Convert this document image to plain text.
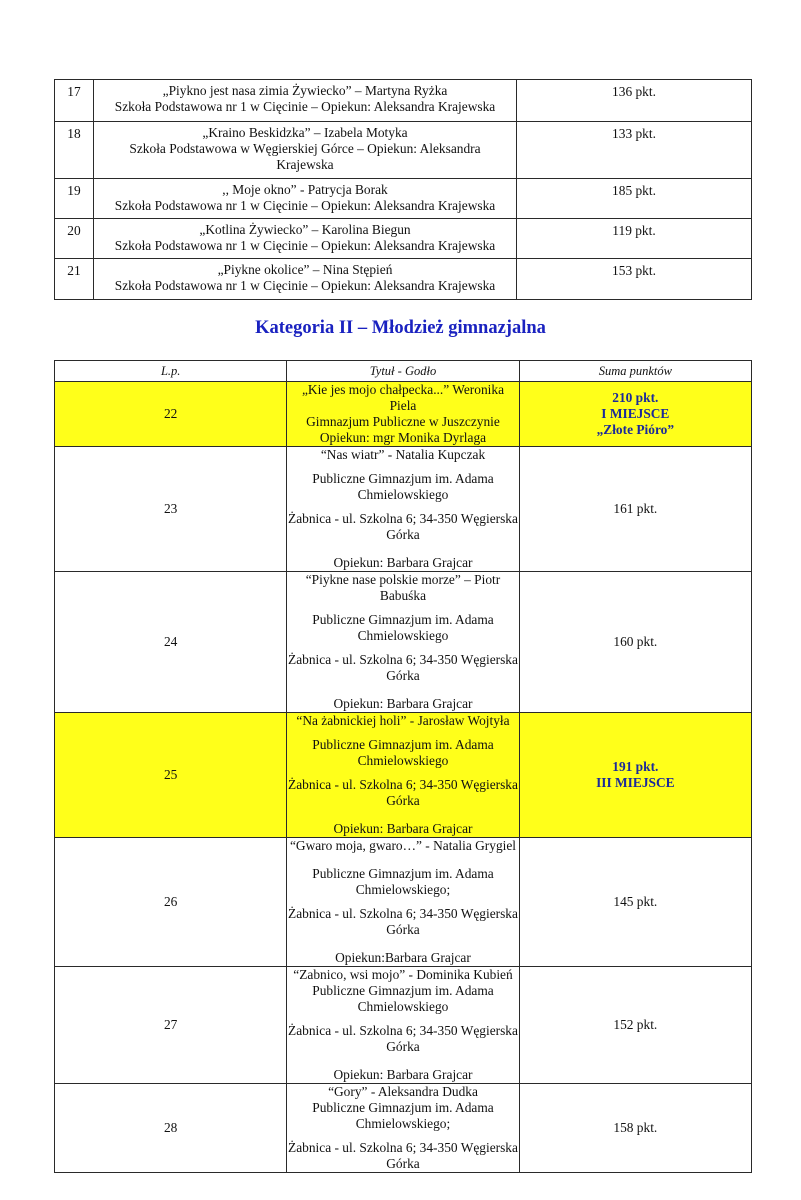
17	„Piykno jest nasa zimia Żywiecko” – Martyna Ryżka
Szkoła Podstawowa nr 1 w Cięcinie – Opiekun: Aleksandra Krajewska	136 pkt.
18	„Kraino Beskidzka” – Izabela Motyka
Szkoła Podstawowa w Węgierskiej Górce – Opiekun: Aleksandra
Krajewska	133 pkt.
19	,, Moje okno” - Patrycja Borak
Szkoła Podstawowa nr 1 w Cięcinie – Opiekun: Aleksandra Krajewska	185 pkt.
20	„Kotlina Żywiecko” – Karolina Biegun
Szkoła Podstawowa nr 1 w Cięcinie – Opiekun: Aleksandra Krajewska	119 pkt.
21	„Piykne okolice” – Nina Stępień
Szkoła Podstawowa nr 1 w Cięcinie – Opiekun: Aleksandra Krajewska	153 pkt.
Kategoria II – Młodzież gimnazjalna
L.p.	Tytuł - Godło	Suma punktów
22	„Kie jes mojo chałpecka...” Weronika Piela
Gimnazjum Publiczne w Juszczynie Opiekun: mgr Monika Dyrlaga	210 pkt.
I MIEJSCE
„Złote Pióro”

23	“Nas wiatr” - Natalia Kupczak
Publiczne Gimnazjum im. Adama Chmielowskiego
Żabnica - ul. Szkolna 6; 34-350 Węgierska Górka
Opiekun: Barbara Grajcar	161 pkt.
24	“Piykne nase polskie morze” – Piotr Babuśka
Publiczne Gimnazjum im. Adama Chmielowskiego
Żabnica - ul. Szkolna 6; 34-350 Węgierska Górka
Opiekun: Barbara Grajcar	160 pkt.
25	“Na żabnickiej holi” - Jarosław Wojtyła
Publiczne Gimnazjum im. Adama Chmielowskiego
Żabnica - ul. Szkolna 6; 34-350 Węgierska Górka
Opiekun: Barbara Grajcar	191 pkt.
III MIEJSCE

26	“Gwaro moja, gwaro…” - Natalia Grygiel
Publiczne Gimnazjum im. Adama Chmielowskiego;
Żabnica - ul. Szkolna 6; 34-350 Węgierska Górka
Opiekun:Barbara Grajcar	145 pkt.
27	“Zabnico, wsi mojo” - Dominika Kubień
Publiczne Gimnazjum im. Adama Chmielowskiego
Żabnica - ul. Szkolna 6; 34-350 Węgierska Górka
Opiekun: Barbara Grajcar	152 pkt.
28	“Gory” - Aleksandra Dudka
Publiczne Gimnazjum im. Adama Chmielowskiego;
Żabnica - ul. Szkolna 6; 34-350 Węgierska Górka	158 pkt.
